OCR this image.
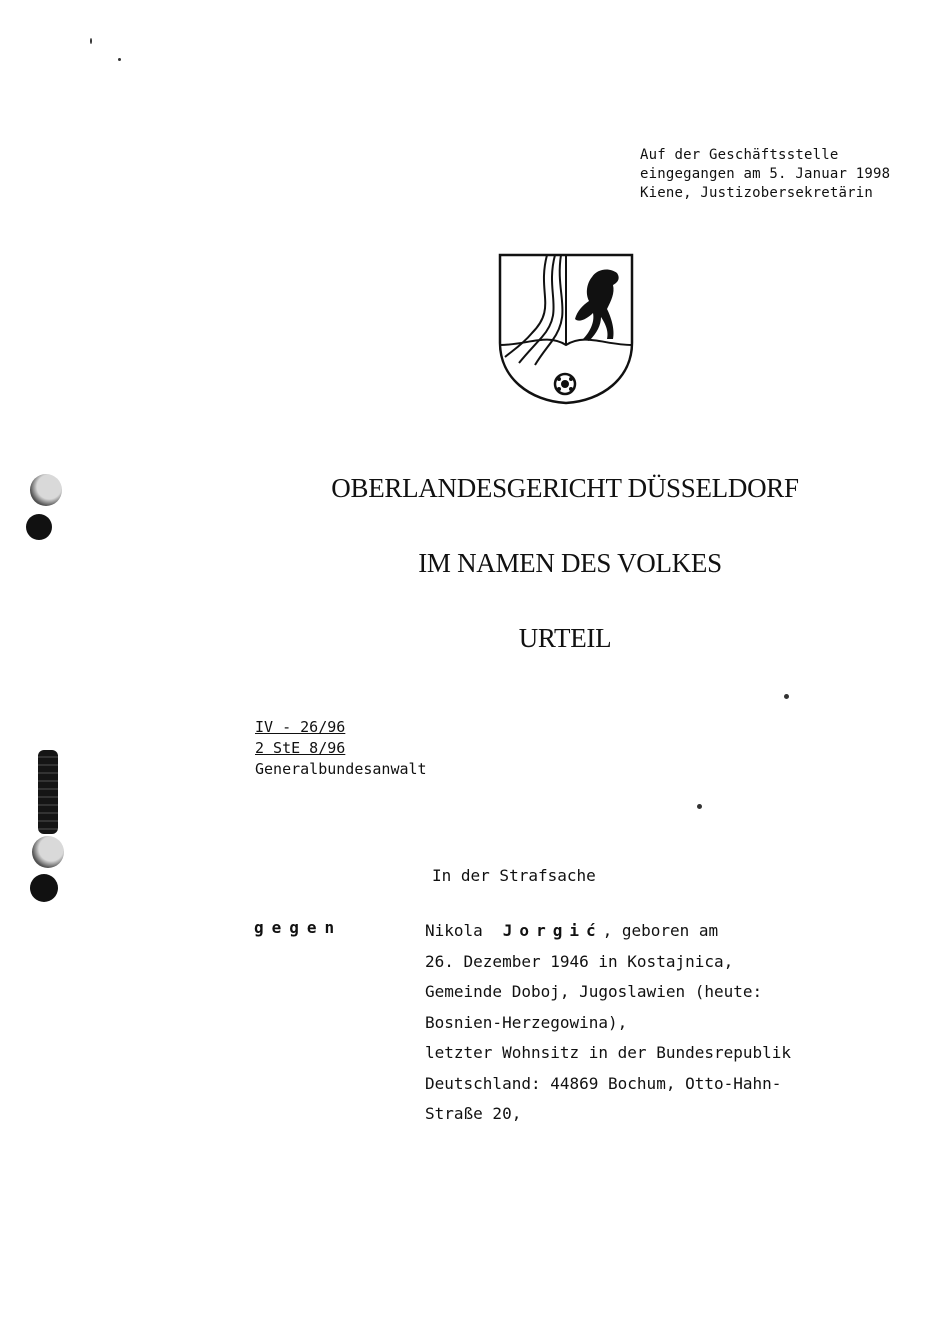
Auf der Geschäftsstelle
eingegangen am 5. Januar 1998
Kiene, Justizobersekretärin
OBERLANDESGERICHT DÜSSELDORF
IM NAMEN DES VOLKES
URTEIL
IV - 26/96
2 StE 8/96
Generalbundesanwalt
In der Strafsache
gegen	Nikola Jorgić, geboren am
26. Dezember 1946 in Kostajnica,
Gemeinde Doboj, Jugoslawien (heute:
Bosnien-Herzegowina),
letzter Wohnsitz in der Bundesrepublik
Deutschland: 44869 Bochum, Otto-Hahn-
Straße 20,
